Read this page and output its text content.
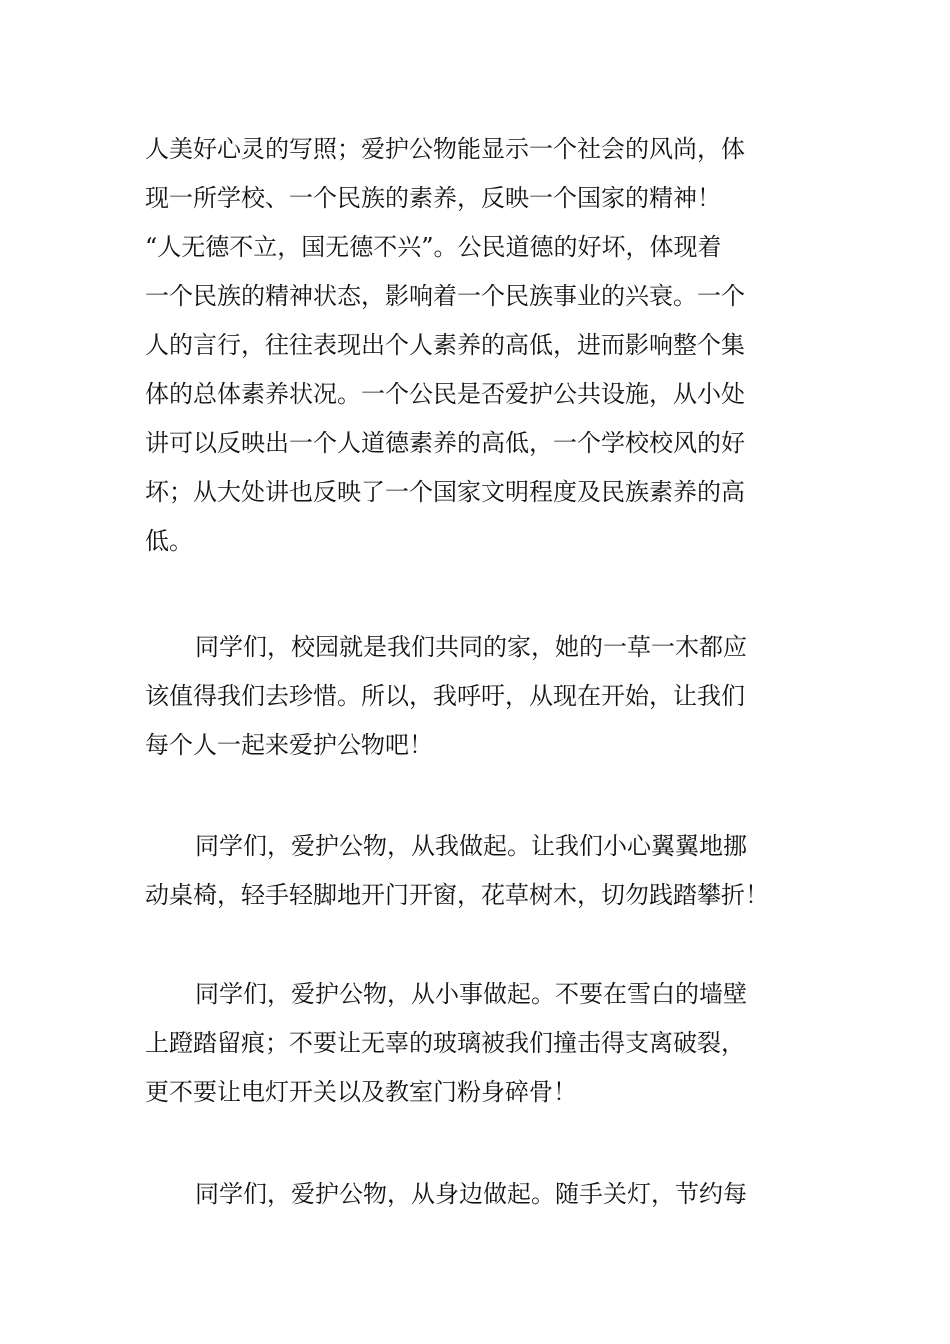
人美好心灵的写照；爱护公物能显示一个社会的风尚，体
现一所学校、一个民族的素养，反映一个国家的精神！
“人无德不立，国无德不兴”。公民道德的好坏，体现着
一个民族的精神状态，影响着一个民族事业的兴衰。一个
人的言行，往往表现出个人素养的高低，进而影响整个集
体的总体素养状况。一个公民是否爱护公共设施，从小处
讲可以反映出一个人道德素养的高低，一个学校校风的好
坏；从大处讲也反映了一个国家文明程度及民族素养的高
低。
同学们，校园就是我们共同的家，她的一草一木都应
该值得我们去珍惜。所以，我呼吁，从现在开始，让我们
每个人一起来爱护公物吧！
同学们，爱护公物，从我做起。让我们小心翼翼地挪
动桌椅，轻手轻脚地开门开窗，花草树木，切勿践踏攀折！
同学们，爱护公物，从小事做起。不要在雪白的墙壁
上蹬踏留痕；不要让无辜的玻璃被我们撞击得支离破裂，
更不要让电灯开关以及教室门粉身碎骨！
同学们，爱护公物，从身边做起。随手关灯，节约每
